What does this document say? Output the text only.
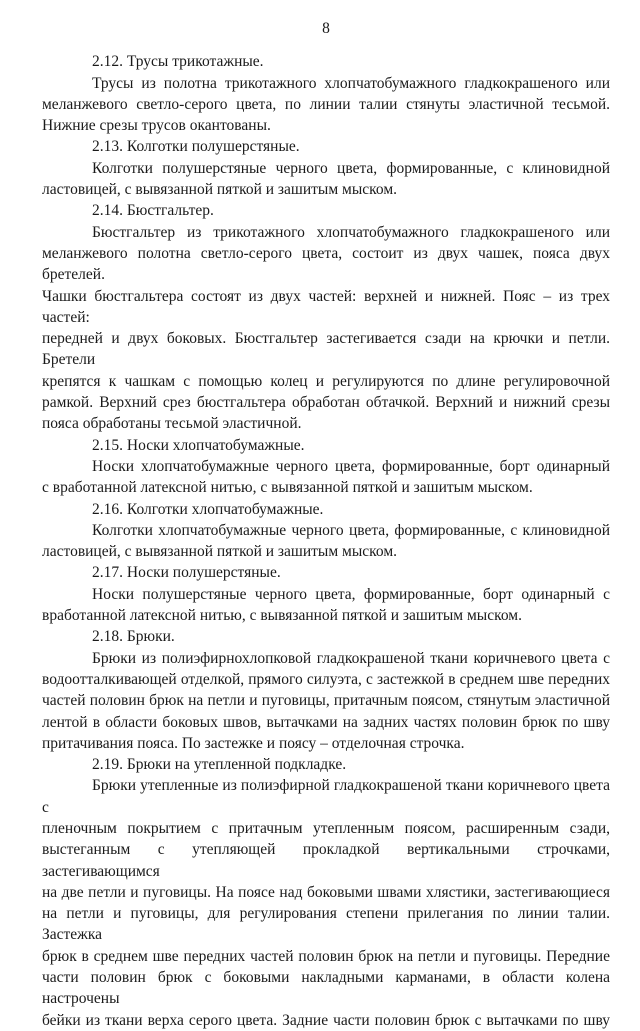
8
2.12. Трусы трикотажные.
Трусы из полотна трикотажного хлопчатобумажного гладкокрашеного или
меланжевого светло-серого цвета, по линии талии стянуты эластичной тесьмой.
Нижние срезы трусов окантованы.
2.13. Колготки полушерстяные.
Колготки полушерстяные черного цвета, формированные, с клиновидной
ластовицей, с вывязанной пяткой и зашитым мыском.
2.14. Бюстгальтер.
Бюстгальтер из трикотажного хлопчатобумажного гладкокрашеного или
меланжевого полотна светло-серого цвета, состоит из двух чашек, пояса двух бретелей.
Чашки бюстгальтера состоят из двух частей: верхней и нижней. Пояс – из трех частей:
передней и двух боковых. Бюстгальтер застегивается сзади на крючки и петли. Бретели
крепятся к чашкам с помощью колец и регулируются по длине регулировочной
рамкой. Верхний срез бюстгальтера обработан обтачкой. Верхний и нижний срезы
пояса обработаны тесьмой эластичной.
2.15. Носки хлопчатобумажные.
Носки хлопчатобумажные черного цвета, формированные, борт одинарный
с вработанной латексной нитью, с вывязанной пяткой и зашитым мыском.
2.16. Колготки хлопчатобумажные.
Колготки хлопчатобумажные черного цвета, формированные, с клиновидной
ластовицей, с вывязанной пяткой и зашитым мыском.
2.17. Носки полушерстяные.
Носки полушерстяные черного цвета, формированные, борт одинарный с
вработанной латексной нитью, с вывязанной пяткой и зашитым мыском.
2.18. Брюки.
Брюки из полиэфирнохлопковой гладкокрашеной ткани коричневого цвета с
водоотталкивающей отделкой, прямого силуэта, с застежкой в среднем шве передних
частей половин брюк на петли и пуговицы, притачным поясом, стянутым эластичной
лентой в области боковых швов, вытачками на задних частях половин брюк по шву
притачивания пояса. По застежке и поясу – отделочная строчка.
2.19. Брюки на утепленной подкладке.
Брюки утепленные из полиэфирной гладкокрашеной ткани коричневого цвета с
пленочным покрытием с притачным утепленным поясом, расширенным сзади,
выстеганным с утепляющей прокладкой вертикальными строчками, застегивающимся
на две петли и пуговицы. На поясе над боковыми швами хлястики, застегивающиеся
на петли и пуговицы, для регулирования степени прилегания по линии талии. Застежка
брюк в среднем шве передних частей половин брюк на петли и пуговицы. Передние
части половин брюк с боковыми накладными карманами, в области колена настрочены
бейки из ткани верха серого цвета. Задние части половин брюк с вытачками по шву
